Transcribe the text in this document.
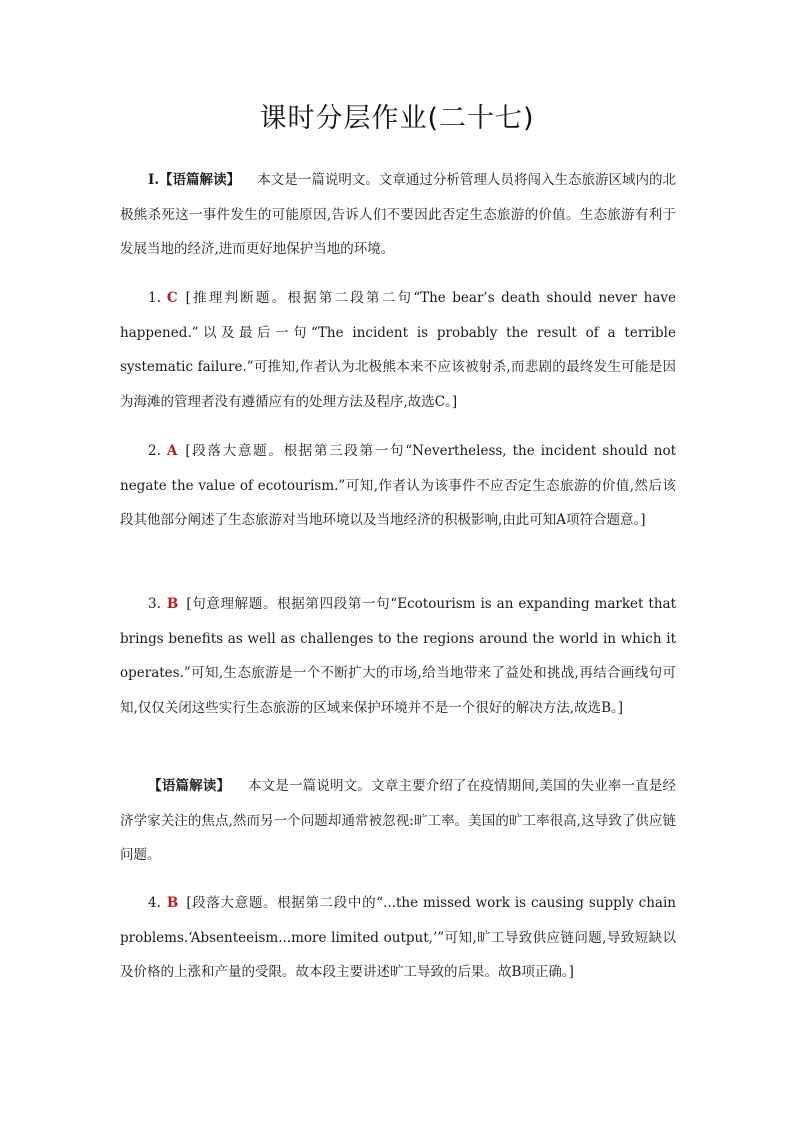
课时分层作业(二十七)
Ⅰ.【语篇解读】 本文是一篇说明文。文章通过分析管理人员将闯入生态旅游区域内的北极熊杀死这一事件发生的可能原因,告诉人们不要因此否定生态旅游的价值。生态旅游有利于发展当地的经济,进而更好地保护当地的环境。
1. C [推理判断题。根据第二段第二句“The bear’s death should never have happened.”以及最后一句“The incident is probably the result of a terrible systematic failure.”可推知,作者认为北极熊本来不应该被射杀,而悲剧的最终发生可能是因为海滩的管理者没有遵循应有的处理方法及程序,故选C。]
2. A [段落大意题。根据第三段第一句“Nevertheless, the incident should not negate the value of ecotourism.”可知,作者认为该事件不应否定生态旅游的价值,然后该段其他部分阐述了生态旅游对当地环境以及当地经济的积极影响,由此可知A项符合题意。]
3. B [句意理解题。根据第四段第一句“Ecotourism is an expanding market that brings benefits as well as challenges to the regions around the world in which it operates.”可知,生态旅游是一个不断扩大的市场,给当地带来了益处和挑战,再结合画线句可知,仅仅关闭这些实行生态旅游的区域来保护环境并不是一个很好的解决方法,故选B。]
【语篇解读】 本文是一篇说明文。文章主要介绍了在疫情期间,美国的失业率一直是经济学家关注的焦点,然而另一个问题却通常被忽视:旷工率。美国的旷工率很高,这导致了供应链问题。
4. B [段落大意题。根据第二段中的“...the missed work is causing supply chain problems.‘Absenteeism...more limited output,’”可知,旷工导致供应链问题,导致短缺以及价格的上涨和产量的受限。故本段主要讲述旷工导致的后果。故B项正确。]
